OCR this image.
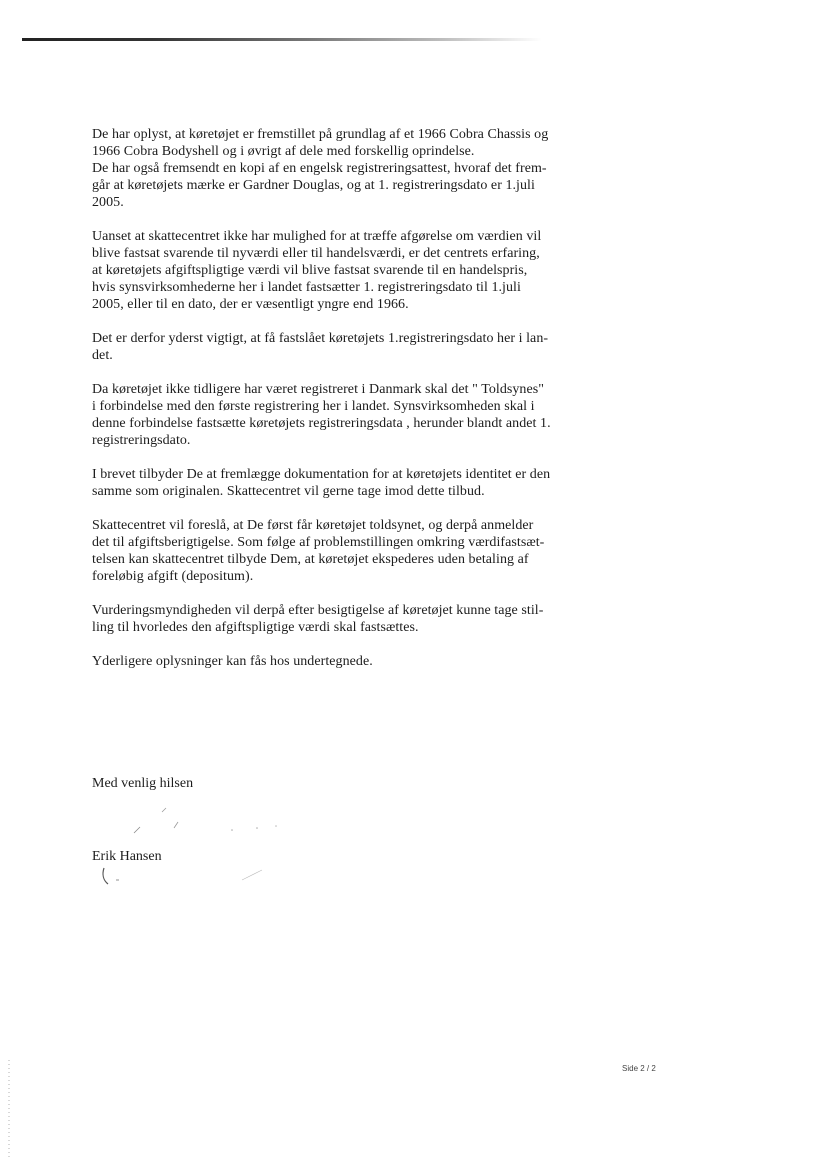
De har oplyst, at køretøjet er fremstillet på grundlag af et 1966 Cobra Chassis og
1966 Cobra Bodyshell og i øvrigt af dele med forskellig oprindelse.
De har også fremsendt en kopi af en engelsk registreringsattest, hvoraf det frem-
går at køretøjets mærke er Gardner Douglas, og at 1. registreringsdato er 1.juli
2005.
Uanset at skattecentret ikke har mulighed for at træffe afgørelse om værdien vil
blive fastsat svarende til nyværdi eller til handelsværdi, er det centrets erfaring,
at køretøjets afgiftspligtige værdi vil blive fastsat svarende til en handelspris,
hvis synsvirksomhederne her i landet fastsætter 1. registreringsdato til 1.juli
2005, eller til en dato, der er væsentligt yngre end 1966.
Det er derfor yderst vigtigt, at få fastslået køretøjets 1.registreringsdato her i lan-
det.
Da køretøjet ikke tidligere har været registreret i Danmark skal det " Toldsynes"
i forbindelse med den første registrering her i landet. Synsvirksomheden skal i
denne forbindelse fastsætte køretøjets registreringsdata , herunder blandt andet 1.
registreringsdato.
I brevet tilbyder De at fremlægge dokumentation for at køretøjets identitet er den
samme som originalen. Skattecentret vil gerne tage imod dette tilbud.
Skattecentret vil foreslå, at De først får køretøjet toldsynet, og derpå anmelder
det til afgiftsberigtigelse. Som følge af problemstillingen omkring værdifastsæt-
telsen kan skattecentret tilbyde Dem, at køretøjet ekspederes uden betaling af
foreløbig afgift (depositum).
Vurderingsmyndigheden vil derpå efter besigtigelse af køretøjet kunne tage stil-
ling til hvorledes den afgiftspligtige værdi skal fastsættes.
Yderligere oplysninger kan fås hos undertegnede.
Med venlig hilsen
Erik Hansen
Side 2 / 2
